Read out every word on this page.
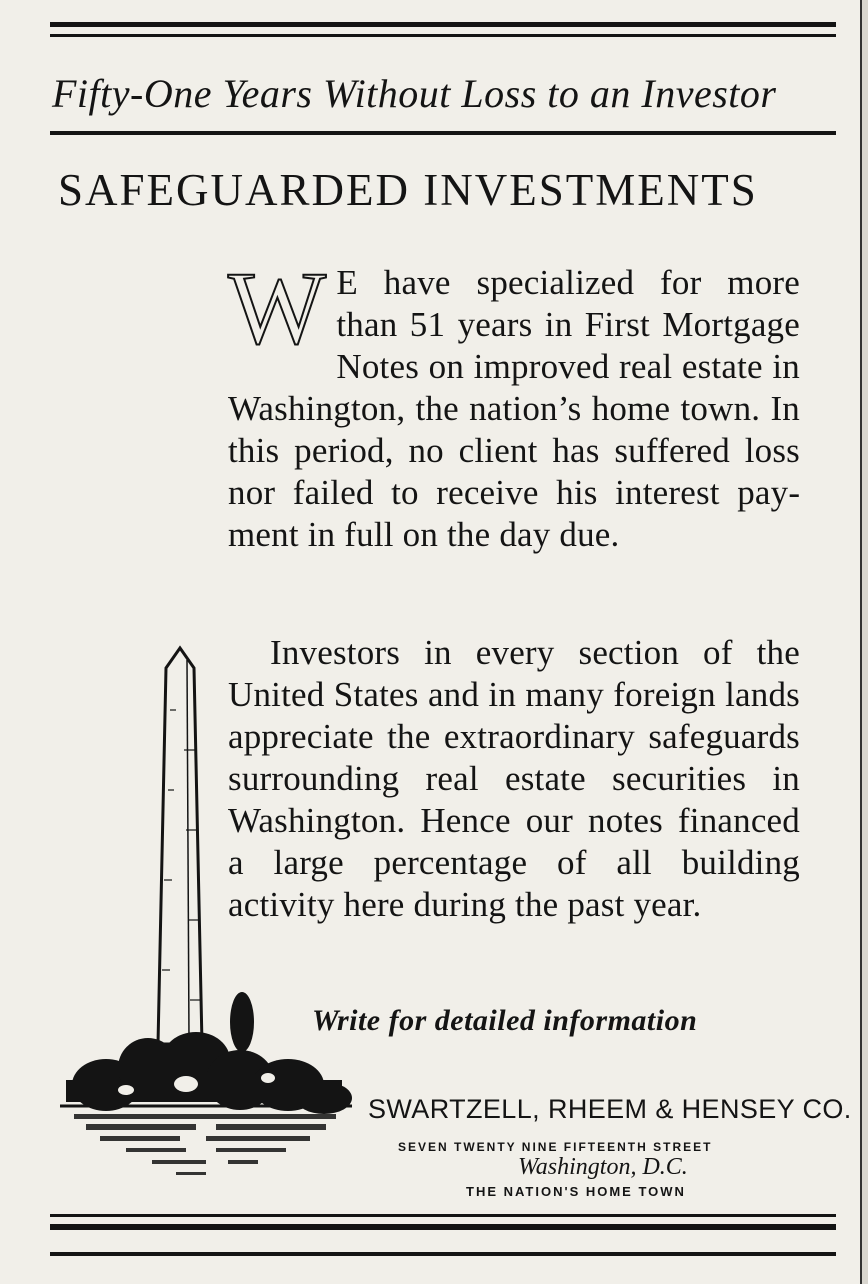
Fifty-One Years Without Loss to an Investor
SAFEGUARDED INVESTMENTS
W E have specialized for more than 51 years in First Mortgage Notes on improved real estate in Washington, the nation’s home town. In this period, no client has suffered loss nor failed to receive his interest payment in full on the day due.
Investors in every section of the United States and in many foreign lands appreciate the extraordinary safeguards surrounding real estate securities in Washington. Hence our notes financed a large percentage of all building activity here during the past year.
Write for detailed information
SWARTZELL, RHEEM & HENSEY CO.
SEVEN TWENTY NINE FIFTEENTH STREET
Washington, D.C.
THE NATION'S HOME TOWN
